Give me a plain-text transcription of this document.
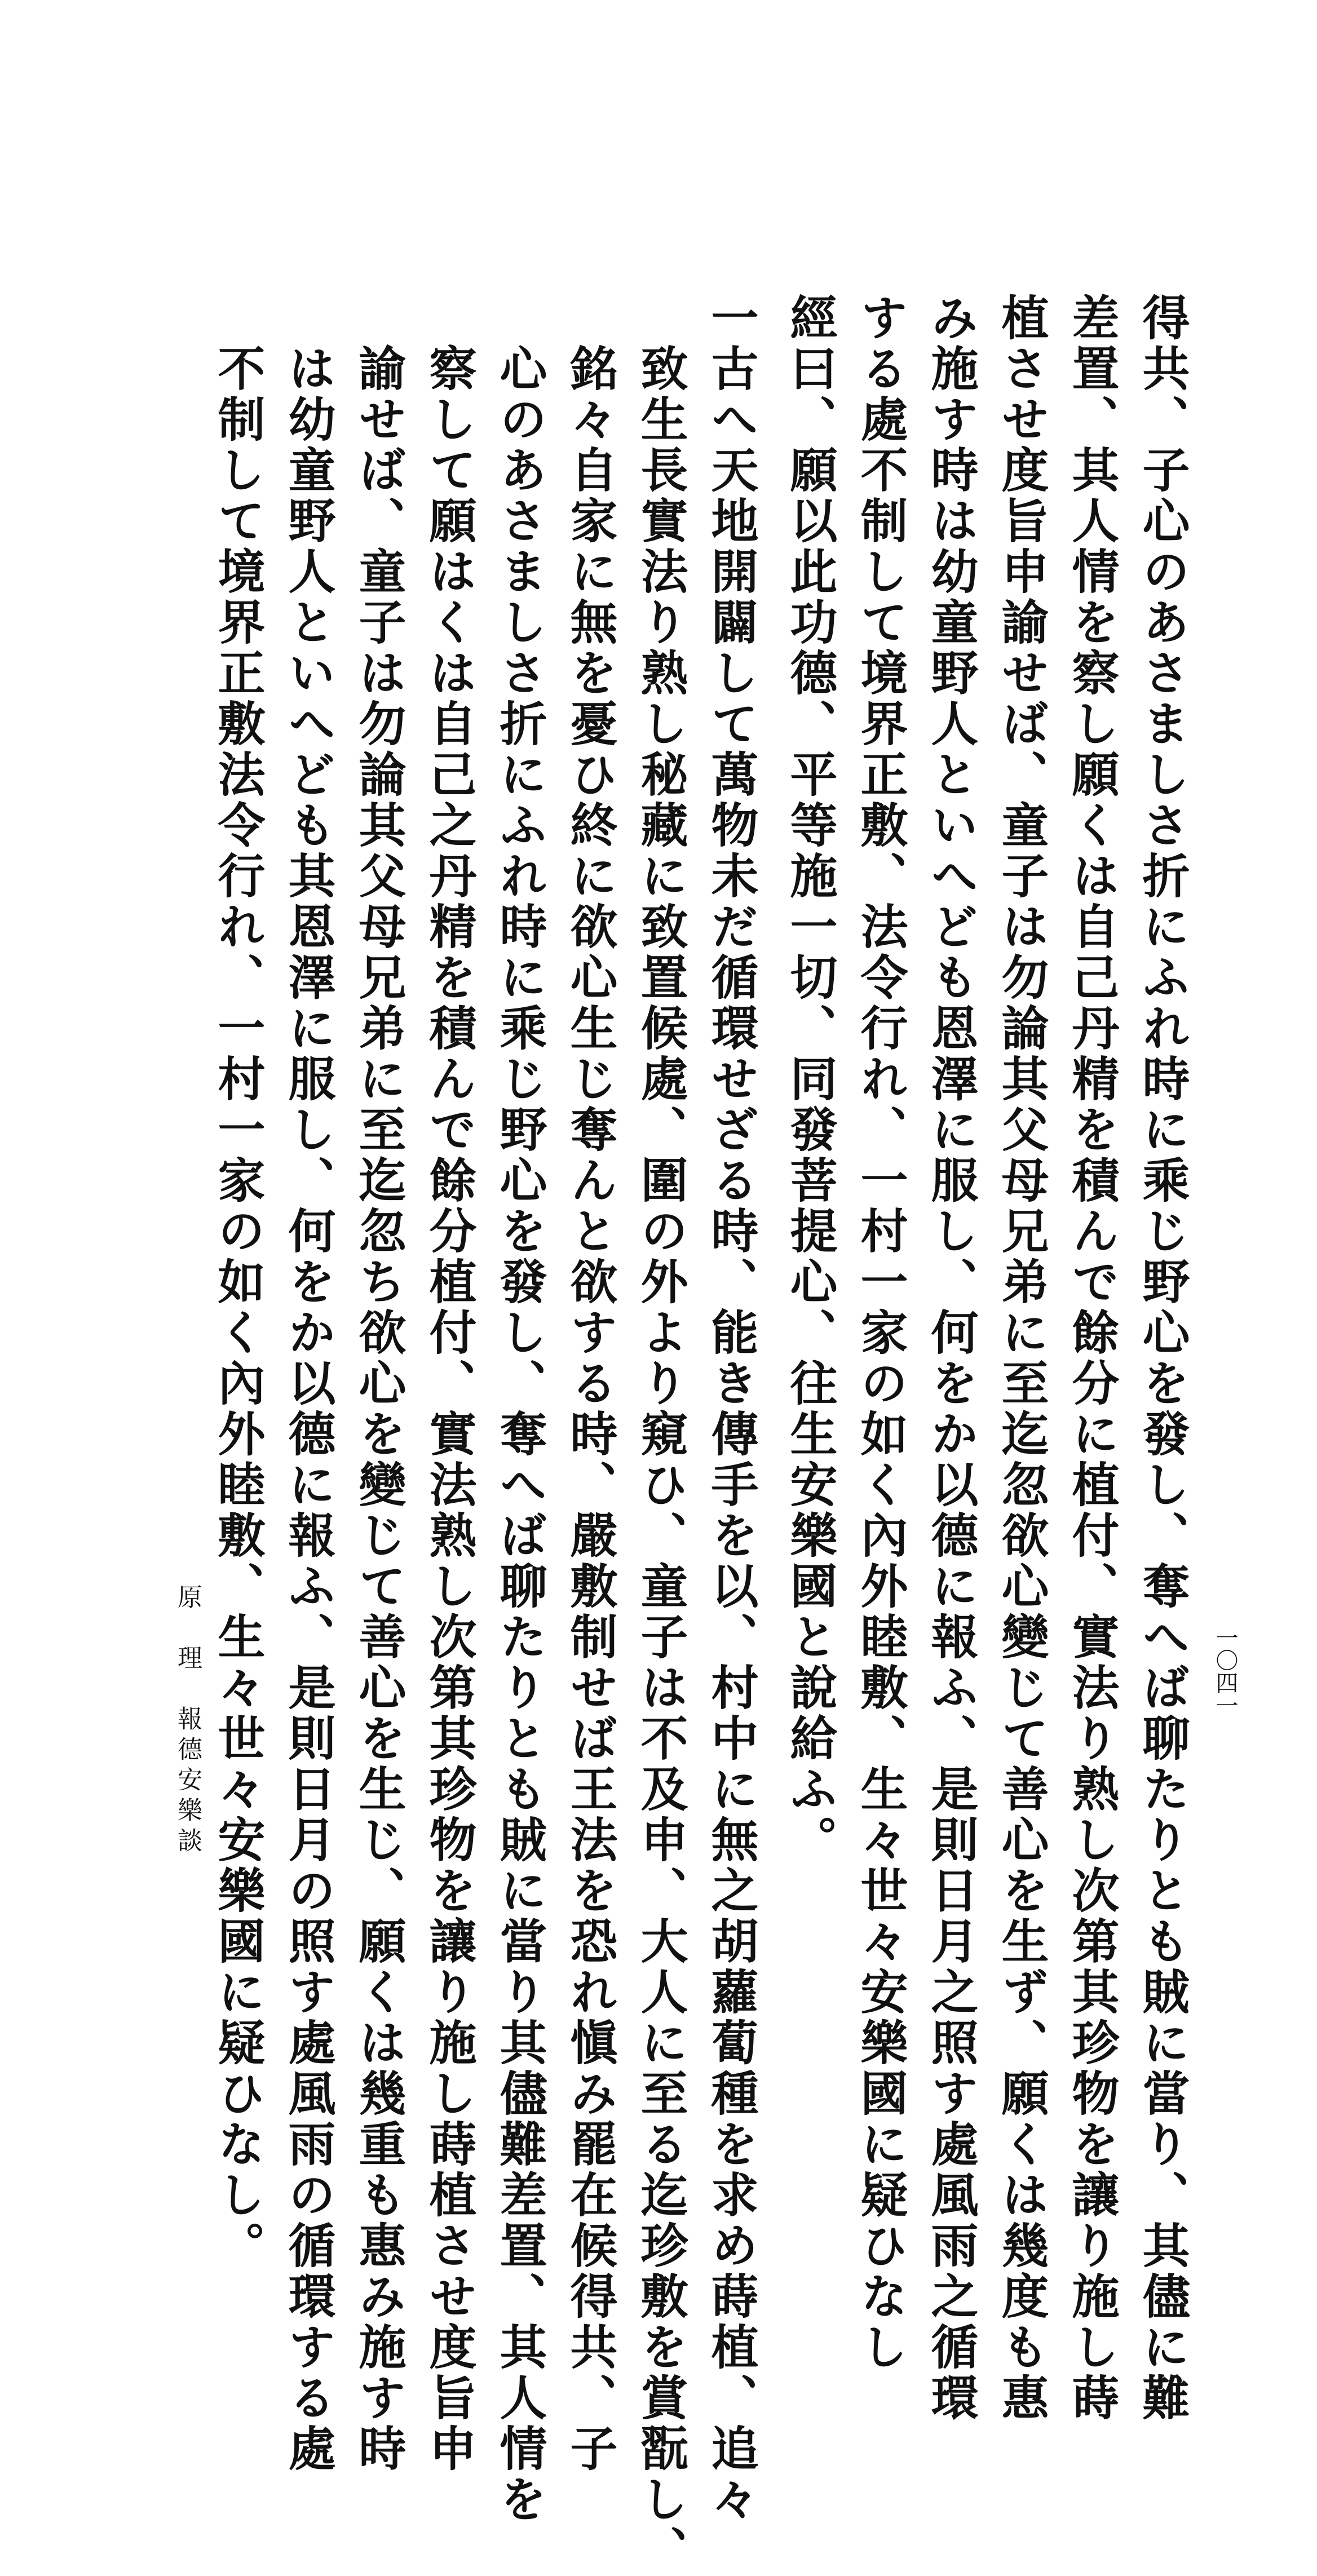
得共、子心のあさましさ折にふれ時に乘じ野心を發し、奪へば聊たりとも賊に當り、其儘に難
差置、其人情を察し願くは自己丹精を積んで餘分に植付、實法り熟し次第其珍物を讓り施し蒔
植させ度旨申諭せば、童子は勿論其父母兄弟に至迄忽欲心變じて善心を生ず、願くは幾度も惠
み施す時は幼童野人といへども恩澤に服し、何をか以德に報ふ、是則日月之照す處風雨之循環
する處不制して境界正敷、法令行れ、一村一家の如く內外睦敷、生々世々安樂國に疑ひなし
經曰、願以此功德、平等施一切、同發菩提心、往生安樂國と說給ふ。
一古へ天地開闢して萬物未だ循環せざる時、能き傳手を以、村中に無之胡蘿蔔種を求め蒔植、追々
致生長實法り熟し秘藏に致置候處、圍の外より窺ひ、童子は不及申、大人に至る迄珍敷を賞翫し、
銘々自家に無を憂ひ終に欲心生じ奪んと欲する時、嚴敷制せば王法を恐れ愼み罷在候得共、子
心のあさましさ折にふれ時に乘じ野心を發し、奪へば聊たりとも賊に當り其儘難差置、其人情を
察して願はくは自己之丹精を積んで餘分植付、實法熟し次第其珍物を讓り施し蒔植させ度旨申
諭せば、童子は勿論其父母兄弟に至迄忽ち欲心を變じて善心を生じ、願くは幾重も惠み施す時
は幼童野人といへども其恩澤に服し、何をか以德に報ふ、是則日月の照す處風雨の循環する處
不制して境界正敷法令行れ、一村一家の如く內外睦敷、生々世々安樂國に疑ひなし。
原　理　報德安樂談	一〇四一
